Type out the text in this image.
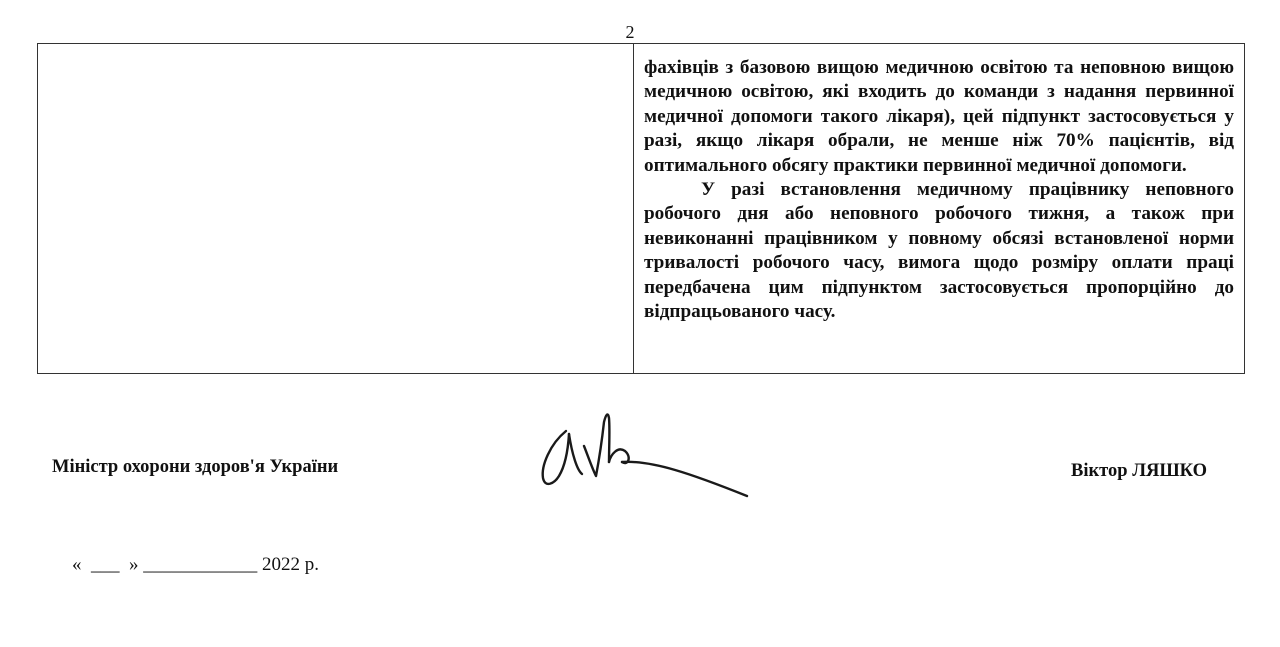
2

фахівців з базовою вищою медичною освітою та неповною вищою медичною освітою, які входить до команди з надання первинної медичної допомоги такого лікаря), цей підпункт застосовується у разі, якщо лікаря обрали, не менше ніж 70% пацієнтів, від оптимального обсягу практики первинної медичної допомоги.

У разі встановлення медичному працівнику неповного робочого дня або неповного робочого тижня, а також при невиконанні працівником у повному обсязі встановленої норми тривалості робочого часу, вимога щодо розміру оплати праці передбачена цим підпунктом застосовується пропорційно до відпрацьованого часу.

Міністр охорони здоров'я України	Віктор ЛЯШКО
«  ___  » ____________ 2022 р.
